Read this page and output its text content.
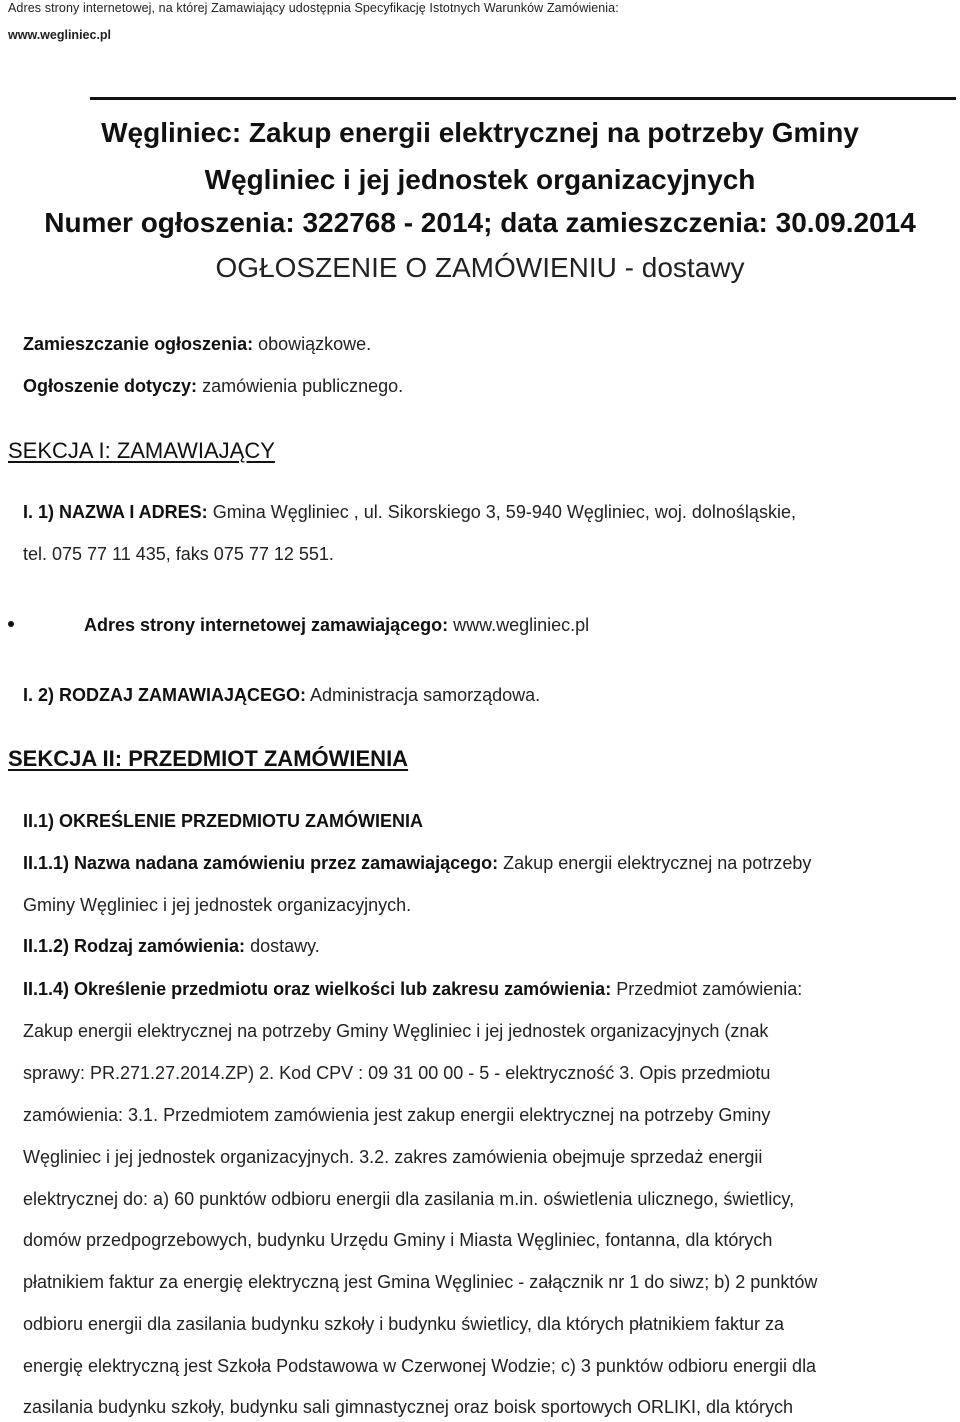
Adres strony internetowej, na której Zamawiający udostępnia Specyfikację Istotnych Warunków Zamówienia:
www.wegliniec.pl
Węgliniec: Zakup energii elektrycznej na potrzeby Gminy
Węgliniec i jej jednostek organizacyjnych
Numer ogłoszenia: 322768 - 2014; data zamieszczenia: 30.09.2014
OGŁOSZENIE O ZAMÓWIENIU - dostawy
Zamieszczanie ogłoszenia: obowiązkowe.
Ogłoszenie dotyczy: zamówienia publicznego.
SEKCJA I: ZAMAWIAJĄCY
I. 1) NAZWA I ADRES: Gmina Węgliniec , ul. Sikorskiego 3, 59-940 Węgliniec, woj. dolnośląskie,
tel. 075 77 11 435, faks 075 77 12 551.
Adres strony internetowej zamawiającego: www.wegliniec.pl
I. 2) RODZAJ ZAMAWIAJĄCEGO: Administracja samorządowa.
SEKCJA II: PRZEDMIOT ZAMÓWIENIA
II.1) OKREŚLENIE PRZEDMIOTU ZAMÓWIENIA
II.1.1) Nazwa nadana zamówieniu przez zamawiającego: Zakup energii elektrycznej na potrzeby
Gminy Węgliniec i jej jednostek organizacyjnych.
II.1.2) Rodzaj zamówienia: dostawy.
II.1.4) Określenie przedmiotu oraz wielkości lub zakresu zamówienia: Przedmiot zamówienia:
Zakup energii elektrycznej na potrzeby Gminy Węgliniec i jej jednostek organizacyjnych (znak
sprawy: PR.271.27.2014.ZP) 2. Kod CPV : 09 31 00 00 - 5 - elektryczność 3. Opis przedmiotu
zamówienia: 3.1. Przedmiotem zamówienia jest zakup energii elektrycznej na potrzeby Gminy
Węgliniec i jej jednostek organizacyjnych. 3.2. zakres zamówienia obejmuje sprzedaż energii
elektrycznej do: a) 60 punktów odbioru energii dla zasilania m.in. oświetlenia ulicznego, świetlicy,
domów przedpogrzebowych, budynku Urzędu Gminy i Miasta Węgliniec, fontanna, dla których
płatnikiem faktur za energię elektryczną jest Gmina Węgliniec - załącznik nr 1 do siwz; b) 2 punktów
odbioru energii dla zasilania budynku szkoły i budynku świetlicy, dla których płatnikiem faktur za
energię elektryczną jest Szkoła Podstawowa w Czerwonej Wodzie; c) 3 punktów odbioru energii dla
zasilania budynku szkoły, budynku sali gimnastycznej oraz boisk sportowych ORLIKI, dla których
